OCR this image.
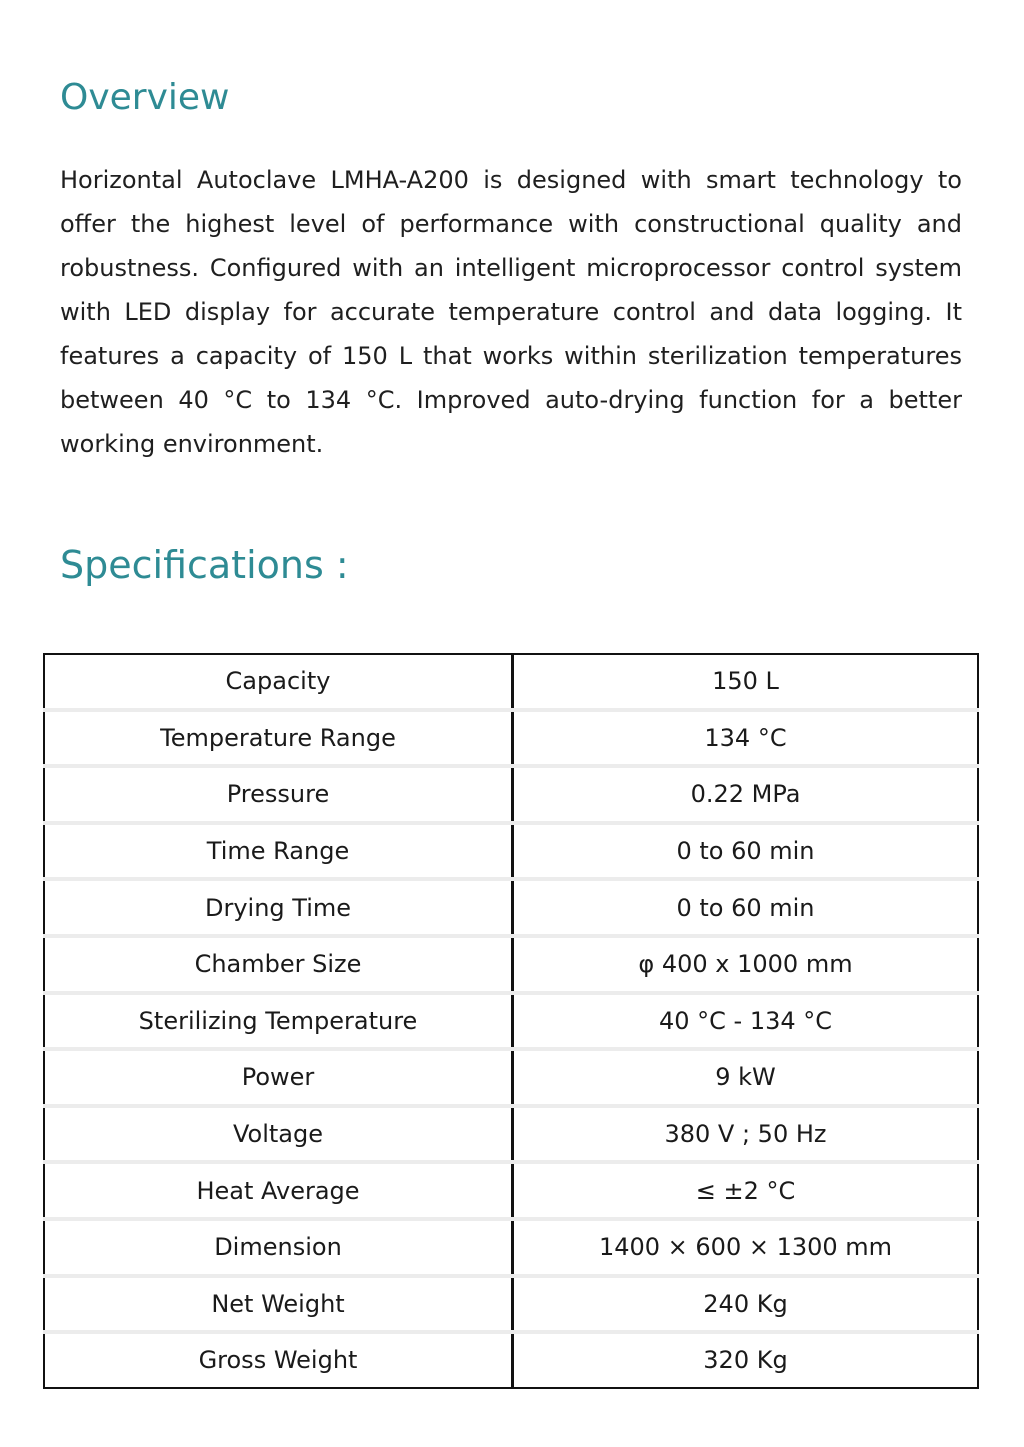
Overview

Horizontal Autoclave LMHA-A200 is designed with smart technology to offer the highest level of performance with constructional quality and robustness. Configured with an intelligent microprocessor control system with LED display for accurate temperature control and data logging. It features a capacity of 150 L that works within sterilization temperatures between 40 °C to 134 °C. Improved auto-drying function for a better working environment.

Specifications :
Capacity	150 L
Temperature Range	134 °C
Pressure	0.22 MPa
Time Range	0 to 60 min
Drying Time	0 to 60 min
Chamber Size	φ 400 x 1000 mm
Sterilizing Temperature	40 °C - 134 °C
Power	9 kW
Voltage	380 V ; 50 Hz
Heat Average	≤ ±2 °C
Dimension	1400 × 600 × 1300 mm
Net Weight	240 Kg
Gross Weight	320 Kg
